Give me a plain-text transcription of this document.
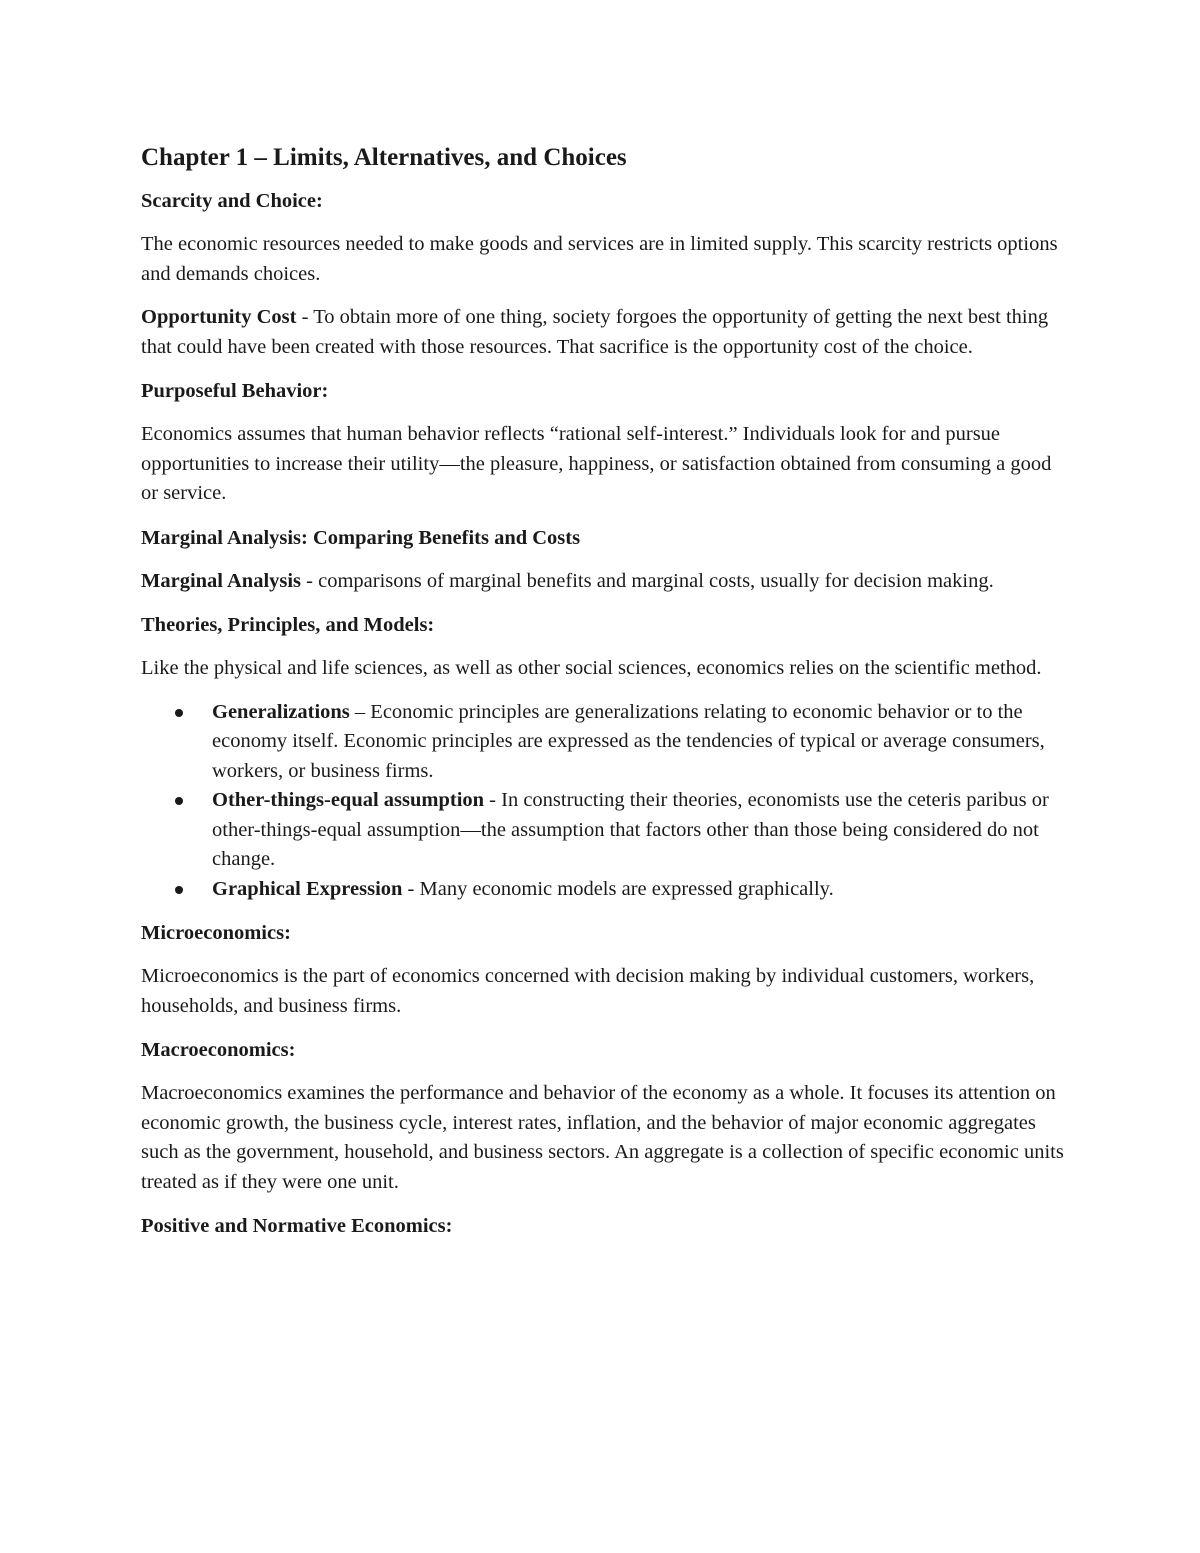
Chapter 1 – Limits, Alternatives, and Choices
Scarcity and Choice:

The economic resources needed to make goods and services are in limited supply. This scarcity restricts options and demands choices.

Opportunity Cost - To obtain more of one thing, society forgoes the opportunity of getting the next best thing that could have been created with those resources. That sacrifice is the opportunity cost of the choice.

Purposeful Behavior:

Economics assumes that human behavior reflects “rational self-interest.” Individuals look for and pursue opportunities to increase their utility—the pleasure, happiness, or satisfaction obtained from consuming a good or service.

Marginal Analysis: Comparing Benefits and Costs

Marginal Analysis - comparisons of marginal benefits and marginal costs, usually for decision making.

Theories, Principles, and Models:

Like the physical and life sciences, as well as other social sciences, economics relies on the scientific method.

Generalizations – Economic principles are generalizations relating to economic behavior or to the economy itself. Economic principles are expressed as the tendencies of typical or average consumers, workers, or business firms.
Other-things-equal assumption - In constructing their theories, economists use the ceteris paribus or other-things-equal assumption—the assumption that factors other than those being considered do not change.
Graphical Expression - Many economic models are expressed graphically.
Microeconomics:

Microeconomics is the part of economics concerned with decision making by individual customers, workers, households, and business firms.

Macroeconomics:

Macroeconomics examines the performance and behavior of the economy as a whole. It focuses its attention on economic growth, the business cycle, interest rates, inflation, and the behavior of major economic aggregates such as the government, household, and business sectors. An aggregate is a collection of specific economic units treated as if they were one unit.

Positive and Normative Economics:
